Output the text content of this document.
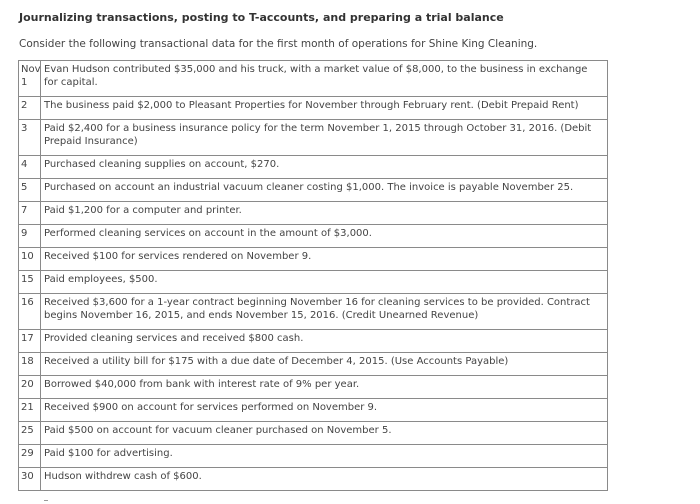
Journalizing transactions, posting to T-accounts, and preparing a trial balance
Consider the following transactional data for the first month of operations for Shine King Cleaning.
Nov 1	Evan Hudson contributed $35,000 and his truck, with a market value of $8,000, to the business in exchange for capital.
2	The business paid $2,000 to Pleasant Properties for November through February rent. (Debit Prepaid Rent)
3	Paid $2,400 for a business insurance policy for the term November 1, 2015 through October 31, 2016. (Debit Prepaid Insurance)
4	Purchased cleaning supplies on account, $270.
5	Purchased on account an industrial vacuum cleaner costing $1,000. The invoice is payable November 25.
7	Paid $1,200 for a computer and printer.
9	Performed cleaning services on account in the amount of $3,000.
10	Received $100 for services rendered on November 9.
15	Paid employees, $500.
16	Received $3,600 for a 1-year contract beginning November 16 for cleaning services to be provided. Contract begins November 16, 2015, and ends November 15, 2016. (Credit Unearned Revenue)
17	Provided cleaning services and received $800 cash.
18	Received a utility bill for $175 with a due date of December 4, 2015. (Use Accounts Payable)
20	Borrowed $40,000 from bank with interest rate of 9% per year.
21	Received $900 on account for services performed on November 9.
25	Paid $500 on account for vacuum cleaner purchased on November 5.
29	Paid $100 for advertising.
30	Hudson withdrew cash of $600.
